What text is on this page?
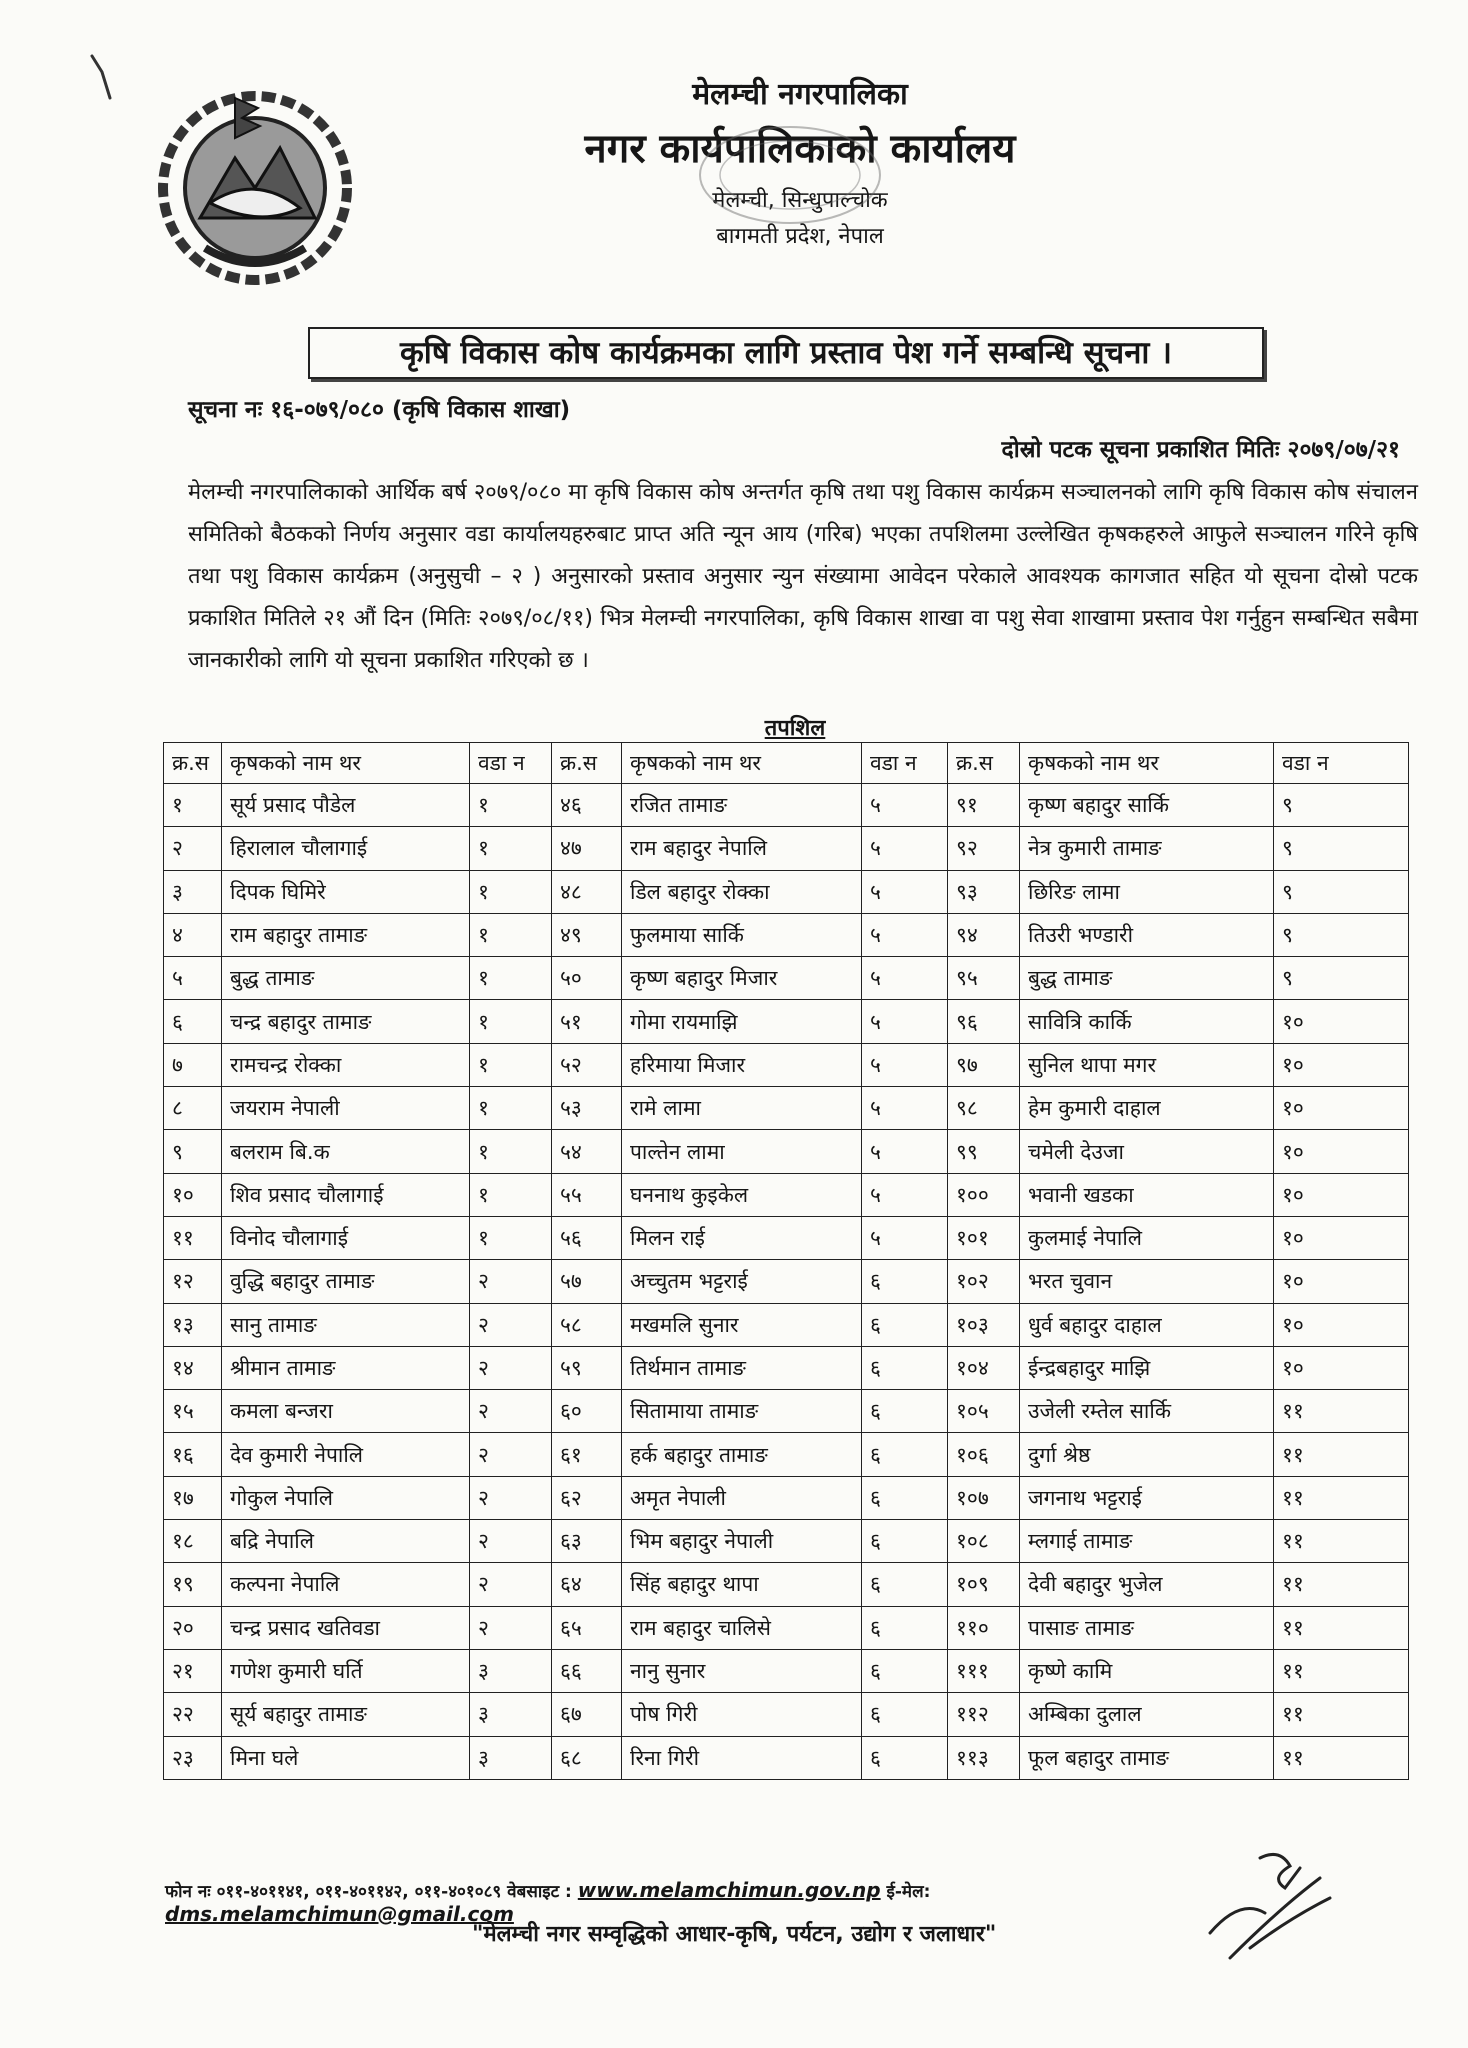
मेलम्ची नगरपालिका
नगर कार्यपालिकाको कार्यालय
मेलम्ची, सिन्धुपाल्चोक
बागमती प्रदेश, नेपाल
कृषि विकास कोष कार्यक्रमका लागि प्रस्ताव पेश गर्ने सम्बन्धि सूचना ।
सूचना नः १६-०७९/०८० (कृषि विकास शाखा)
दोस्रो पटक सूचना प्रकाशित मितिः २०७९/०७/२१
मेलम्ची नगरपालिकाको आर्थिक बर्ष २०७९/०८० मा कृषि विकास कोष अन्तर्गत कृषि तथा पशु विकास कार्यक्रम सञ्चालनको लागि कृषि विकास कोष संचालन समितिको बैठकको निर्णय अनुसार वडा कार्यालयहरुबाट प्राप्त अति न्यून आय (गरिब) भएका तपशिलमा उल्लेखित कृषकहरुले आफुले सञ्चालन गरिने कृषि तथा पशु विकास कार्यक्रम (अनुसुची – २ ) अनुसारको प्रस्ताव अनुसार न्युन संख्यामा आवेदन परेकाले आवश्यक कागजात सहित यो सूचना दोस्रो पटक प्रकाशित मितिले २१ औं दिन (मितिः २०७९/०८/११) भित्र मेलम्ची नगरपालिका, कृषि विकास शाखा वा पशु सेवा शाखामा प्रस्ताव पेश गर्नुहुन सम्बन्धित सबैमा जानकारीको लागि यो सूचना प्रकाशित गरिएको छ ।
तपशिल
क्र.स	कृषकको नाम थर	वडा न	क्र.स	कृषकको नाम थर	वडा न	क्र.स	कृषकको नाम थर	वडा न
१	सूर्य प्रसाद पौडेल	१	४६	रजित तामाङ	५	९१	कृष्ण बहादुर सार्कि	९
२	हिरालाल चौलागाई	१	४७	राम बहादुर नेपालि	५	९२	नेत्र कुमारी तामाङ	९
३	दिपक घिमिरे	१	४८	डिल बहादुर रोक्का	५	९३	छिरिङ लामा	९
४	राम बहादुर तामाङ	१	४९	फुलमाया सार्कि	५	९४	तिउरी भण्डारी	९
५	बुद्ध तामाङ	१	५०	कृष्ण बहादुर मिजार	५	९५	बुद्ध तामाङ	९
६	चन्द्र बहादुर तामाङ	१	५१	गोमा रायमाझि	५	९६	सावित्रि कार्कि	१०
७	रामचन्द्र रोक्का	१	५२	हरिमाया मिजार	५	९७	सुनिल थापा मगर	१०
८	जयराम नेपाली	१	५३	रामे लामा	५	९८	हेम कुमारी दाहाल	१०
९	बलराम बि.क	१	५४	पाल्तेन लामा	५	९९	चमेली देउजा	१०
१०	शिव प्रसाद चौलागाई	१	५५	घननाथ कुइकेल	५	१००	भवानी खडका	१०
११	विनोद चौलागाई	१	५६	मिलन राई	५	१०१	कुलमाई नेपालि	१०
१२	वुद्धि बहादुर तामाङ	२	५७	अच्चुतम भट्टराई	६	१०२	भरत चुवान	१०
१३	सानु तामाङ	२	५८	मखमलि सुनार	६	१०३	धुर्व बहादुर दाहाल	१०
१४	श्रीमान तामाङ	२	५९	तिर्थमान तामाङ	६	१०४	ईन्द्रबहादुर माझि	१०
१५	कमला बन्जरा	२	६०	सितामाया तामाङ	६	१०५	उजेली रम्तेल सार्कि	११
१६	देव कुमारी नेपालि	२	६१	हर्क बहादुर तामाङ	६	१०६	दुर्गा श्रेष्ठ	११
१७	गोकुल नेपालि	२	६२	अमृत नेपाली	६	१०७	जगनाथ भट्टराई	११
१८	बद्रि नेपालि	२	६३	भिम बहादुर नेपाली	६	१०८	म्लगाई तामाङ	११
१९	कल्पना नेपालि	२	६४	सिंह बहादुर थापा	६	१०९	देवी बहादुर भुजेल	११
२०	चन्द्र प्रसाद खतिवडा	२	६५	राम बहादुर चालिसे	६	११०	पासाङ तामाङ	११
२१	गणेश कुमारी घर्ति	३	६६	नानु सुनार	६	१११	कृष्णे कामि	११
२२	सूर्य बहादुर तामाङ	३	६७	पोष गिरी	६	११२	अम्बिका दुलाल	११
२३	मिना घले	३	६८	रिना गिरी	६	११३	फूल बहादुर तामाङ	११
फोन नः ०११-४०११४१, ०११-४०११४२, ०११-४०१०८९ वेबसाइट : www.melamchimun.gov.np ई-मेल: dms.melamchimun@gmail.com
"मेलम्ची नगर सम्वृद्धिको आधार-कृषि, पर्यटन, उद्योग र जलाधार"
